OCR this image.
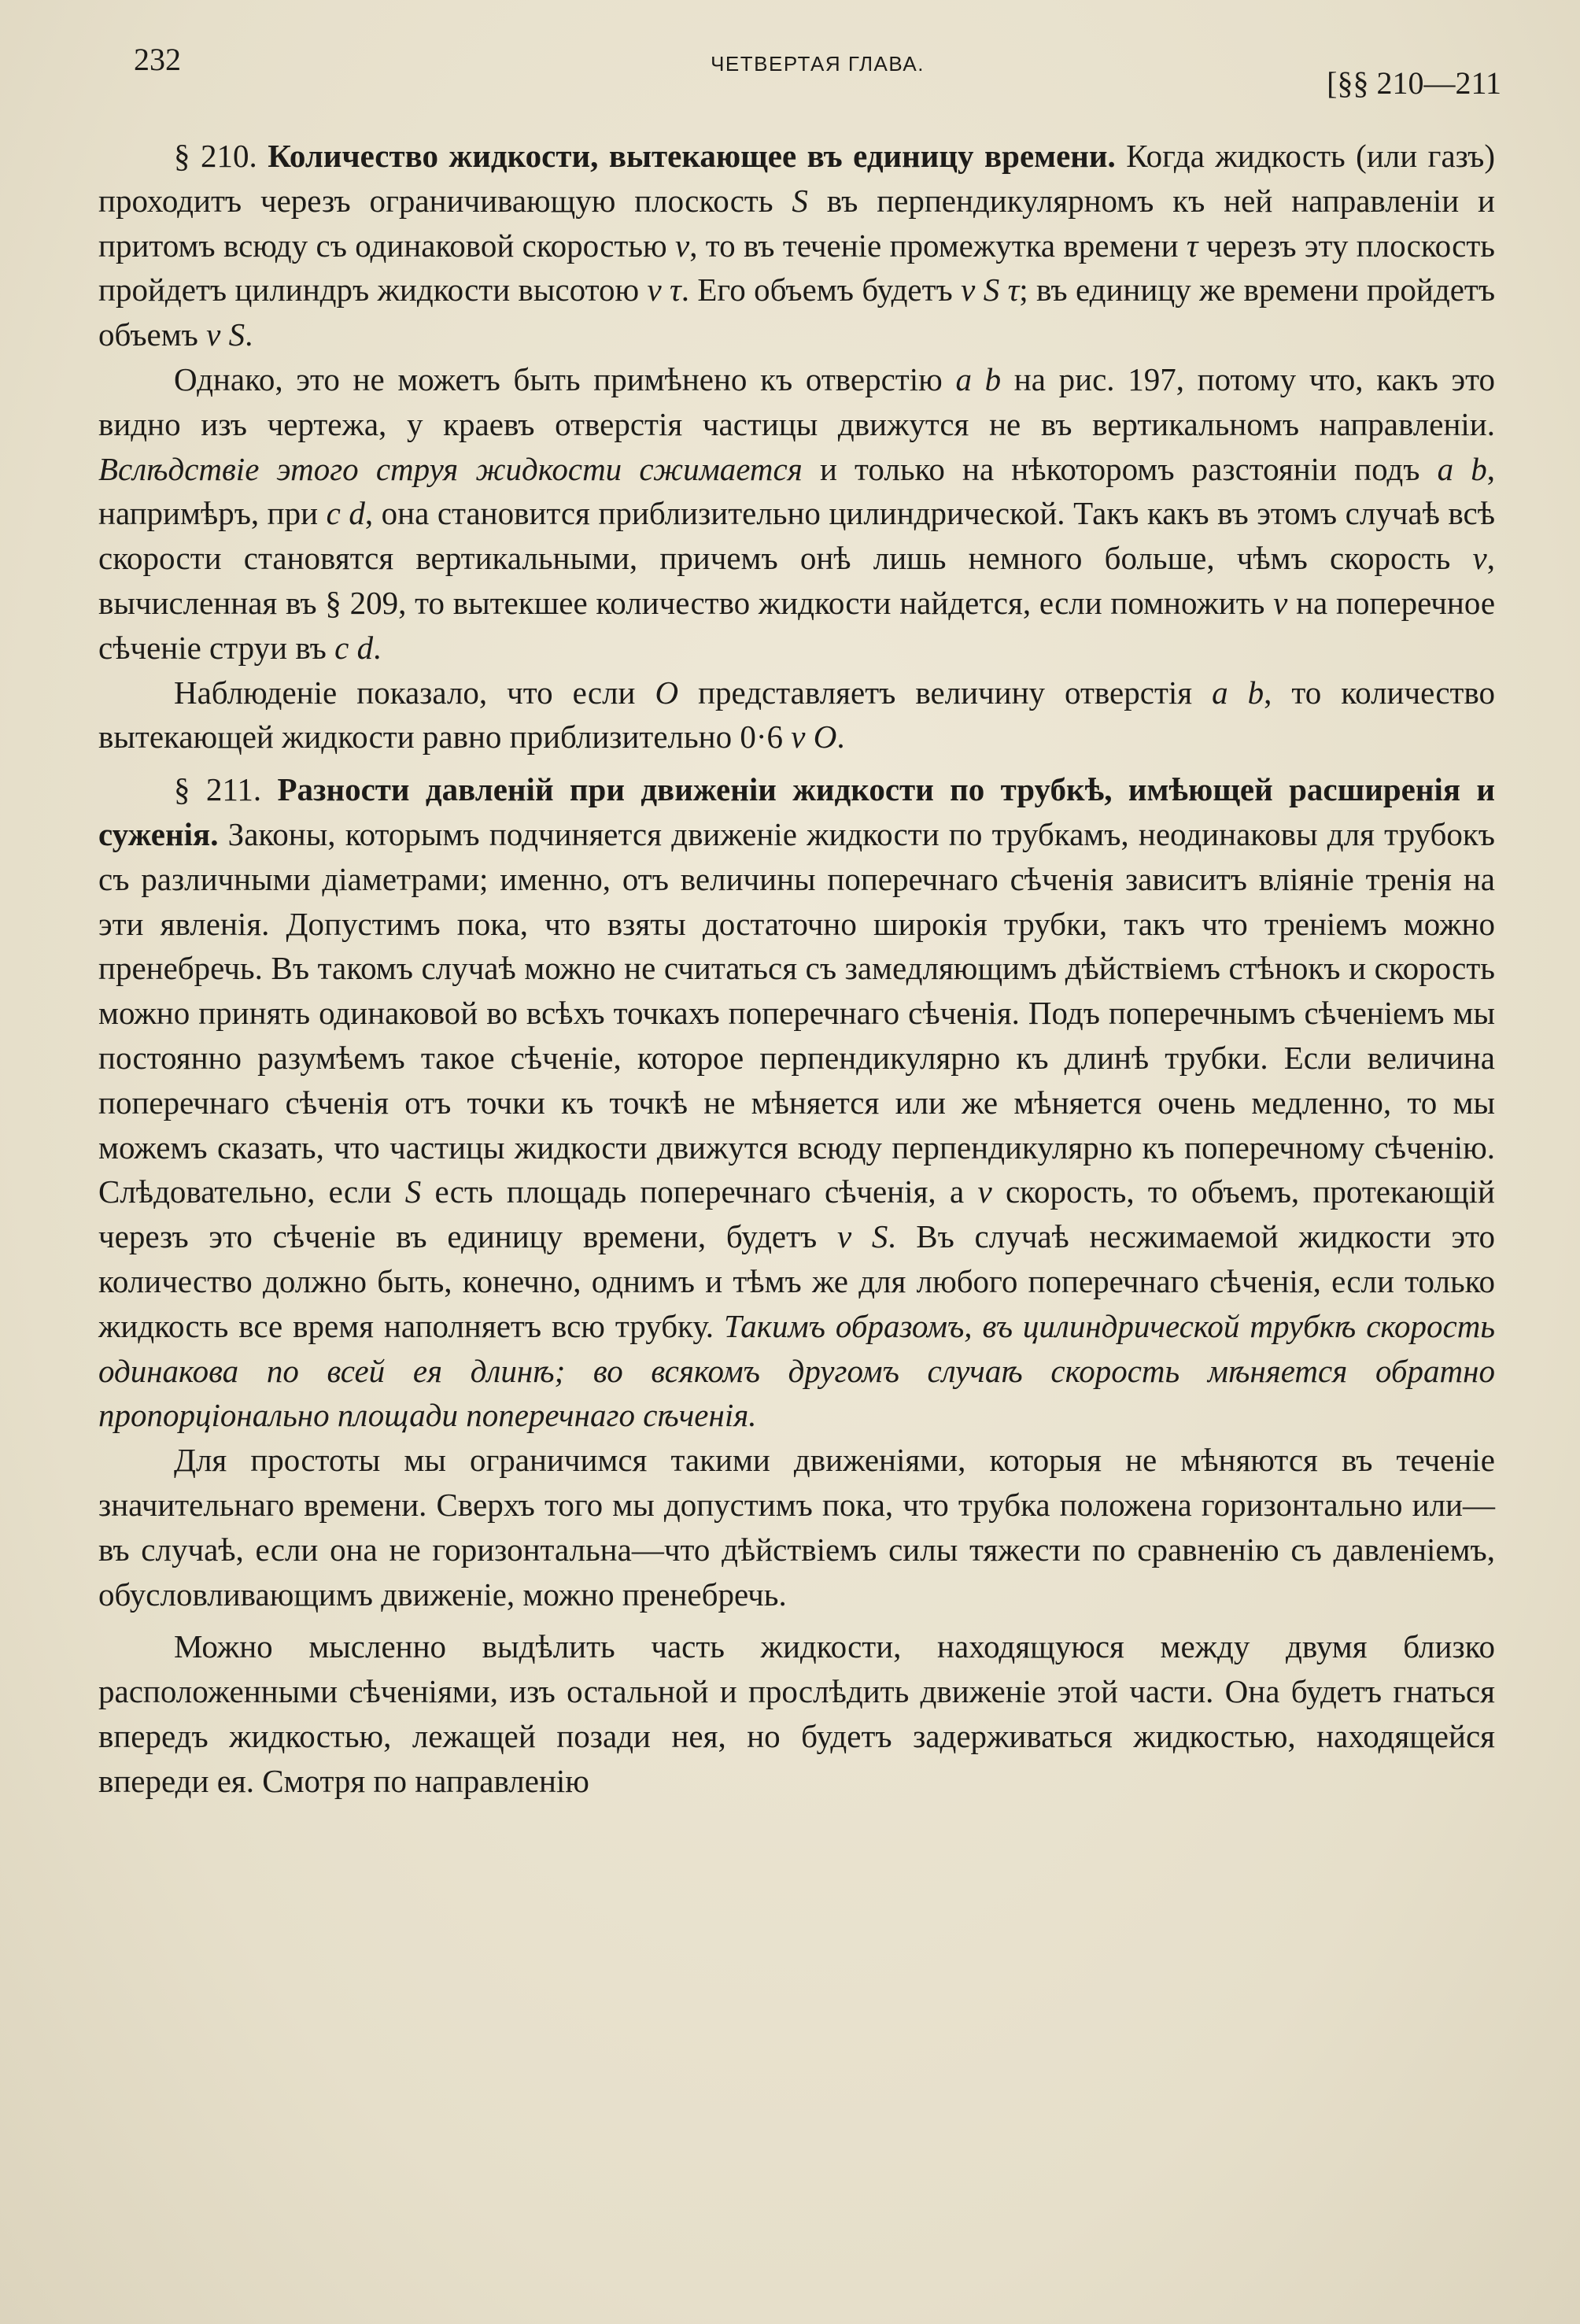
232	ЧЕТВЕРТАЯ ГЛАВА.
[§§ 210—211

§ 210. Количество жидкости, вытекающее въ единицу времени. Когда жидкость (или газъ) проходитъ черезъ ограничивающую плоскость S въ перпендикулярномъ къ ней направленіи и притомъ всюду съ одинаковой скоростью v, то въ теченіе промежутка времени τ черезъ эту плоскость пройдетъ цилиндръ жидкости высотою v τ. Его объемъ будетъ v S τ; въ единицу же времени пройдетъ объемъ v S.

Однако, это не можетъ быть примѣнено къ отверстію a b на рис. 197, потому что, какъ это видно изъ чертежа, у краевъ отверстія частицы движутся не въ вертикальномъ направленіи. Вслѣдствіе этого струя жидкости сжимается и только на нѣкоторомъ разстояніи подъ a b, напримѣръ, при c d, она становится приблизительно цилиндрической. Такъ какъ въ этомъ случаѣ всѣ скорости становятся вертикальными, причемъ онѣ лишь немного больше, чѣмъ скорость v, вычисленная въ § 209, то вытекшее количество жидкости найдется, если помножить v на поперечное сѣченіе струи въ c d.

Наблюденіе показало, что если O представляетъ величину отверстія a b, то количество вытекающей жидкости равно приблизительно 0·6 v O.

§ 211. Разности давленій при движеніи жидкости по трубкѣ, имѣющей расширенія и суженія. Законы, которымъ подчиняется движеніе жидкости по трубкамъ, неодинаковы для трубокъ съ различными діаметрами; именно, отъ величины поперечнаго сѣченія зависитъ вліяніе тренія на эти явленія. Допустимъ пока, что взяты достаточно широкія трубки, такъ что треніемъ можно пренебречь. Въ такомъ случаѣ можно не считаться съ замедляющимъ дѣйствіемъ стѣнокъ и скорость можно принять одинаковой во всѣхъ точкахъ поперечнаго сѣченія. Подъ поперечнымъ сѣченіемъ мы постоянно разумѣемъ такое сѣченіе, которое перпендикулярно къ длинѣ трубки. Если величина поперечнаго сѣченія отъ точки къ точкѣ не мѣняется или же мѣняется очень медленно, то мы можемъ сказать, что частицы жидкости движутся всюду перпендикулярно къ поперечному сѣченію. Слѣдовательно, если S есть площадь поперечнаго сѣченія, а v скорость, то объемъ, протекающій черезъ это сѣченіе въ единицу времени, будетъ v S. Въ случаѣ несжимаемой жидкости это количество должно быть, конечно, однимъ и тѣмъ же для любого поперечнаго сѣченія, если только жидкость все время наполняетъ всю трубку. Такимъ образомъ, въ цилиндрической трубкѣ скорость одинакова по всей ея длинѣ; во всякомъ другомъ случаѣ скорость мѣняется обратно пропорціонально площади поперечнаго сѣченія.

Для простоты мы ограничимся такими движеніями, которыя не мѣняются въ теченіе значительнаго времени. Сверхъ того мы допустимъ пока, что трубка положена горизонтально или—въ случаѣ, если она не горизонтальна—что дѣйствіемъ силы тяжести по сравненію съ давленіемъ, обусловливающимъ движеніе, можно пренебречь.

Можно мысленно выдѣлить часть жидкости, находящуюся между двумя близко расположенными сѣченіями, изъ остальной и прослѣдить движеніе этой части. Она будетъ гнаться впередъ жидкостью, лежащей позади нея, но будетъ задерживаться жидкостью, находящейся впереди ея. Смотря по направленію
